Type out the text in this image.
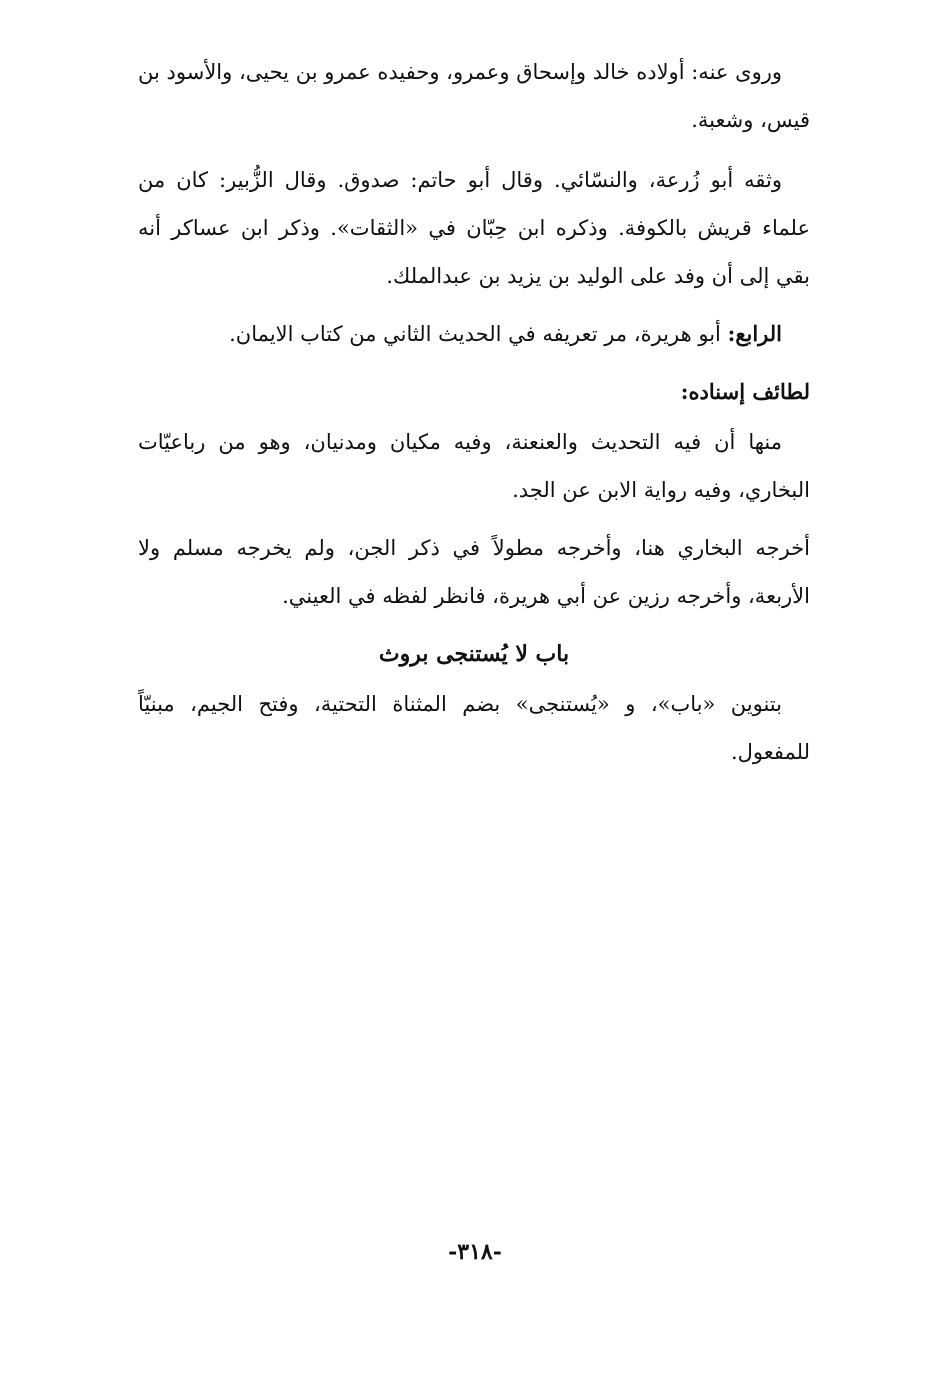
وروى عنه: أولاده خالد وإسحاق وعمرو، وحفيده عمرو بن يحيى، والأسود بن قيس، وشعبة.
وثقه أبو زُرعة، والنسّائي. وقال أبو حاتم: صدوق. وقال الزُّبير: كان من علماء قريش بالكوفة. وذكره ابن حِبّان في «الثقات». وذكر ابن عساكر أنه بقي إلى أن وفد على الوليد بن يزيد بن عبدالملك.
الرابع: أبو هريرة، مر تعريفه في الحديث الثاني من كتاب الايمان.
لطائف إسناده:
منها أن فيه التحديث والعنعنة، وفيه مكيان ومدنيان، وهو من رباعيّات البخاري، وفيه رواية الابن عن الجد.
أخرجه البخاري هنا، وأخرجه مطولاً في ذكر الجن، ولم يخرجه مسلم ولا الأربعة، وأخرجه رزين عن أبي هريرة، فانظر لفظه في العيني.
باب لا يُستنجى بروث
بتنوين «باب»، و «يُستنجى» بضم المثناة التحتية، وفتح الجيم، مبنيّاً للمفعول.
-٣١٨-
